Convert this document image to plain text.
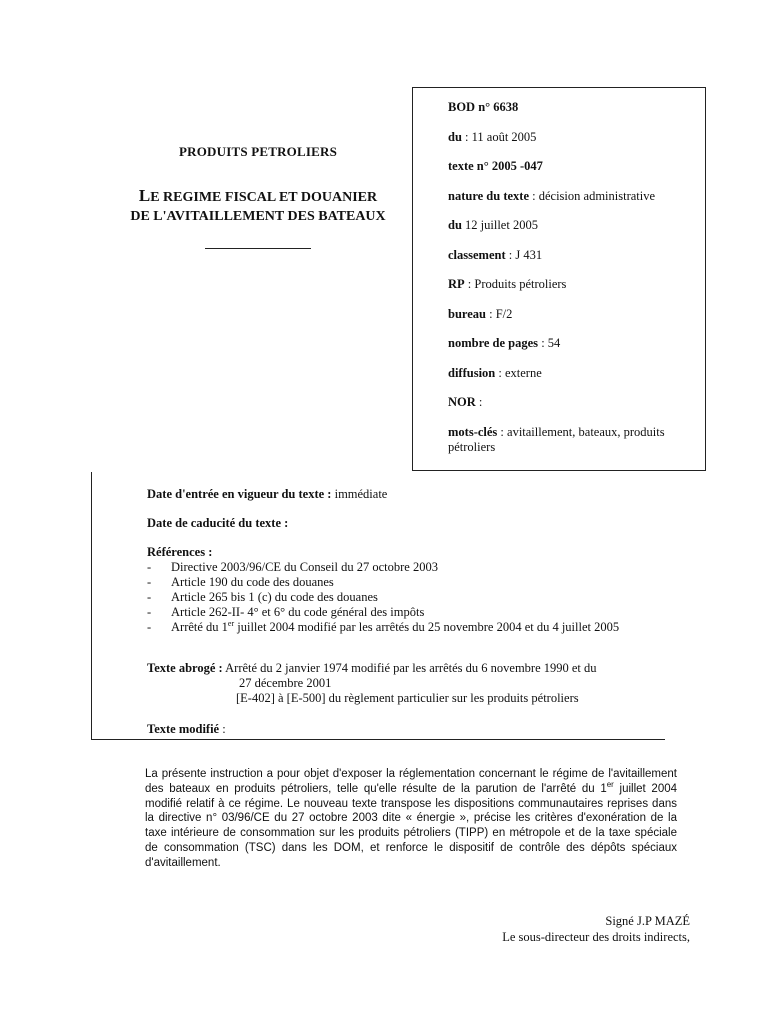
PRODUITS PETROLIERS
LE REGIME FISCAL ET DOUANIER
DE L'AVITAILLEMENT DES BATEAUX
BOD n° 6638
du : 11 août 2005
texte n° 2005 -047
nature du texte : décision administrative
du 12 juillet 2005
classement : J 431
RP : Produits pétroliers
bureau : F/2
nombre de pages : 54
diffusion : externe
NOR :
mots-clés : avitaillement, bateaux, produits pétroliers
Date d'entrée en vigueur du texte : immédiate
Date de caducité du texte :
Références :
-	Directive 2003/96/CE du Conseil du 27 octobre 2003
-	Article 190 du code des douanes
-	Article 265 bis 1 (c) du code des douanes
-	Article 262-II- 4° et 6° du code général des impôts
-	Arrêté du 1er juillet 2004 modifié par les arrêtés du 25 novembre 2004 et du 4 juillet 2005
Texte abrogé : Arrêté du 2 janvier 1974 modifié par les arrêtés du 6 novembre 1990 et du
27 décembre 2001
[E-402] à [E-500] du règlement particulier sur les produits pétroliers
Texte modifié :
La présente instruction a pour objet d'exposer la réglementation concernant le régime de l'avitaillement des bateaux en produits pétroliers, telle qu'elle résulte de la parution de l'arrêté du 1er juillet 2004 modifié relatif à ce régime. Le nouveau texte transpose les dispositions communautaires reprises dans la directive n° 03/96/CE du 27 octobre 2003 dite « énergie », précise les critères d'exonération de la taxe intérieure de consommation sur les produits pétroliers (TIPP) en métropole et de la taxe spéciale de consommation (TSC) dans les DOM, et renforce le dispositif de contrôle des dépôts spéciaux d'avitaillement.
Signé J.P MAZÉ
Le sous-directeur des droits indirects,
